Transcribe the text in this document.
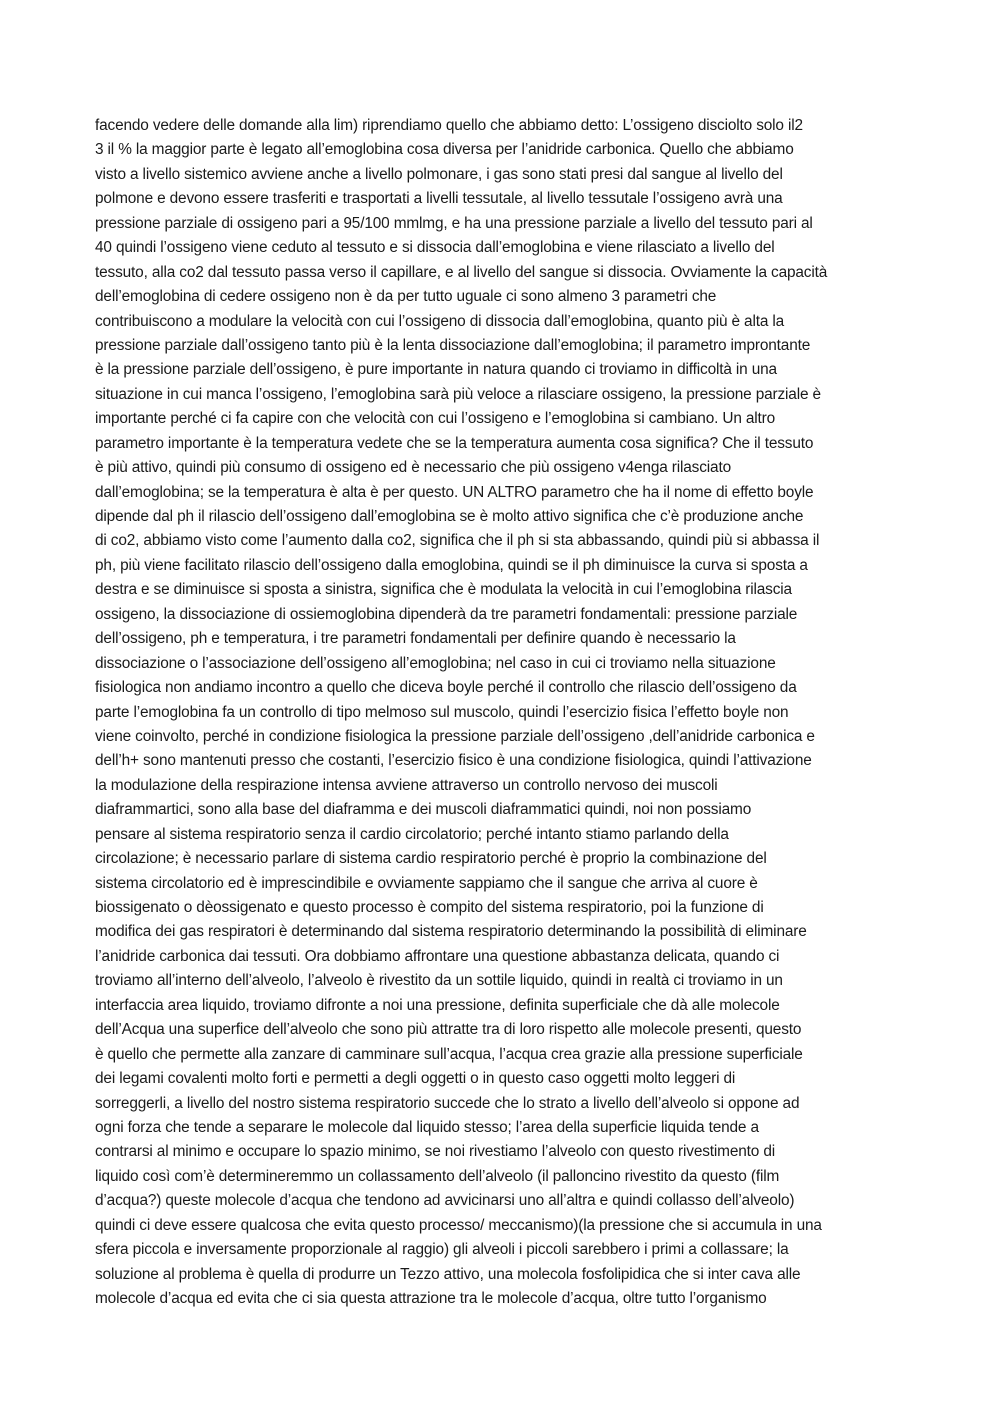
facendo vedere delle domande alla lim) riprendiamo quello che abbiamo detto: L’ossigeno disciolto solo il2
3 il % la maggior parte è legato all’emoglobina cosa diversa per l’anidride carbonica. Quello che abbiamo
visto a livello sistemico avviene anche a livello polmonare, i gas sono stati presi dal sangue al livello del
polmone e devono essere trasferiti e trasportati a livelli tessutale, al livello tessutale l’ossigeno avrà una
pressione parziale di ossigeno pari a 95/100 mmlmg, e ha una pressione parziale a livello del tessuto pari al
40 quindi l’ossigeno viene ceduto al tessuto e si dissocia dall’emoglobina e viene rilasciato a livello del
tessuto, alla co2 dal tessuto passa verso il capillare, e al livello del sangue si dissocia. Ovviamente la capacità
dell’emoglobina di cedere ossigeno non è da per tutto uguale ci sono almeno 3 parametri che
contribuiscono a modulare la velocità con cui l’ossigeno di dissocia dall’emoglobina, quanto più è alta la
pressione parziale dall’ossigeno tanto più è la lenta dissociazione dall’emoglobina; il parametro improntante
è la pressione parziale dell’ossigeno, è pure importante in natura quando ci troviamo in difficoltà in una
situazione in cui manca l’ossigeno, l’emoglobina sarà più veloce a rilasciare ossigeno, la pressione parziale è
importante perché ci fa capire con che velocità con cui l’ossigeno e l’emoglobina si cambiano. Un altro
parametro importante è la temperatura vedete che se la temperatura aumenta cosa significa? Che il tessuto
è più attivo, quindi più consumo di ossigeno ed è necessario che più ossigeno v4enga rilasciato
dall’emoglobina; se la temperatura è alta è per questo. UN ALTRO parametro che ha il nome di effetto boyle
dipende dal ph il rilascio dell’ossigeno dall’emoglobina se è molto attivo significa che c’è produzione anche
di co2, abbiamo visto come l’aumento dalla co2, significa che il ph si sta abbassando, quindi più si abbassa il
ph, più viene facilitato rilascio dell’ossigeno dalla emoglobina, quindi se il ph diminuisce la curva si sposta a
destra e se diminuisce si sposta a sinistra, significa che è modulata la velocità in cui l’emoglobina rilascia
ossigeno, la dissociazione di ossiemoglobina dipenderà da tre parametri fondamentali: pressione parziale
dell’ossigeno, ph e temperatura, i tre parametri fondamentali per definire quando è necessario la
dissociazione o l’associazione dell’ossigeno all’emoglobina; nel caso in cui ci troviamo nella situazione
fisiologica non andiamo incontro a quello che diceva boyle perché il controllo che rilascio dell’ossigeno da
parte l’emoglobina fa un controllo di tipo melmoso sul muscolo, quindi l’esercizio fisica l’effetto boyle non
viene coinvolto, perché in condizione fisiologica la pressione parziale dell’ossigeno ,dell’anidride carbonica e
dell’h+ sono mantenuti presso che costanti, l’esercizio fisico è una condizione fisiologica, quindi l’attivazione
la modulazione della respirazione intensa avviene attraverso un controllo nervoso dei muscoli
diaframmartici, sono alla base del diaframma e dei muscoli diaframmatici quindi, noi non possiamo
pensare al sistema respiratorio senza il cardio circolatorio; perché intanto stiamo parlando della
circolazione; è necessario parlare di sistema cardio respiratorio perché è proprio la combinazione del
sistema circolatorio ed è imprescindibile e ovviamente sappiamo che il sangue che arriva al cuore è
biossigenato o dèossigenato e questo processo è compito del sistema respiratorio, poi la funzione di
modifica dei gas respiratori è determinando dal sistema respiratorio determinando la possibilità di eliminare
l’anidride carbonica dai tessuti. Ora dobbiamo affrontare una questione abbastanza delicata, quando ci
troviamo all’interno dell’alveolo, l’alveolo è rivestito da un sottile liquido, quindi in realtà ci troviamo in un
interfaccia area liquido, troviamo difronte a noi una pressione, definita superficiale che dà alle molecole
dell’Acqua una superfice dell’alveolo che sono più attratte tra di loro rispetto alle molecole presenti, questo
è quello che permette alla zanzare di camminare sull’acqua, l’acqua crea grazie alla pressione superficiale
dei legami covalenti molto forti e permetti a degli oggetti o in questo caso oggetti molto leggeri di
sorreggerli, a livello del nostro sistema respiratorio succede che lo strato a livello dell’alveolo si oppone ad
ogni forza che tende a separare le molecole dal liquido stesso; l’area della superficie liquida tende a
contrarsi al minimo e occupare lo spazio minimo, se noi rivestiamo l’alveolo con questo rivestimento di
liquido così com’è determineremmo un collassamento dell’alveolo (il palloncino rivestito da questo (film
d’acqua?) queste molecole d’acqua che tendono ad avvicinarsi uno all’altra e quindi collasso dell’alveolo)
quindi ci deve essere qualcosa che evita questo processo/ meccanismo)(la pressione che si accumula in una
sfera piccola e inversamente proporzionale al raggio) gli alveoli i piccoli sarebbero i primi a collassare; la
soluzione al problema è quella di produrre un Tezzo attivo, una molecola fosfolipidica che si inter cava alle
molecole d’acqua ed evita che ci sia questa attrazione tra le molecole d’acqua, oltre tutto l’organismo
